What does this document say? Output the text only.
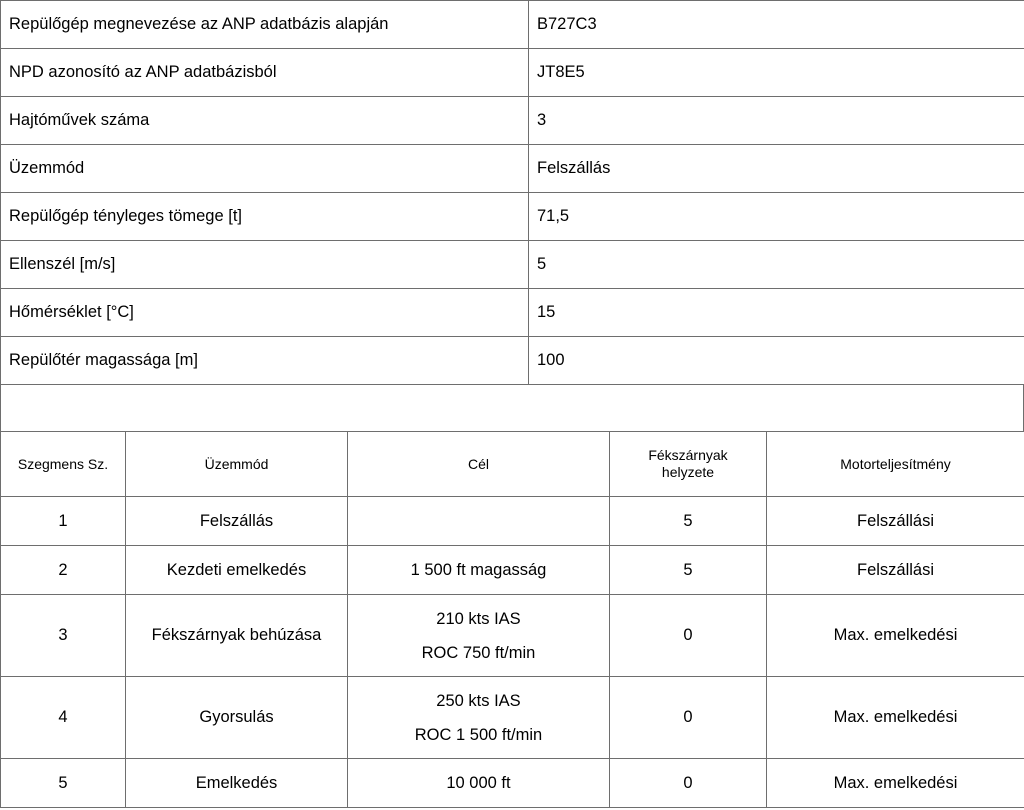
Repülőgép megnevezése az ANP adatbázis alapján	B727C3
NPD azonosító az ANP adatbázisból	JT8E5
Hajtóművek száma	3
Üzemmód	Felszállás
Repülőgép tényleges tömege [t]	71,5
Ellenszél [m/s]	5
Hőmérséklet [°C]	15
Repülőtér magassága [m]	100
Szegmens Sz.	Üzemmód	Cél	Fékszárnyak
helyzete	Motorteljesítmény
1	Felszállás		5	Felszállási
2	Kezdeti emelkedés	1 500 ft magasság	5	Felszállási
3	Fékszárnyak behúzása	210 kts IAS
ROC 750 ft/min	0	Max. emelkedési
4	Gyorsulás	250 kts IAS
ROC 1 500 ft/min	0	Max. emelkedési
5	Emelkedés	10 000 ft	0	Max. emelkedési
